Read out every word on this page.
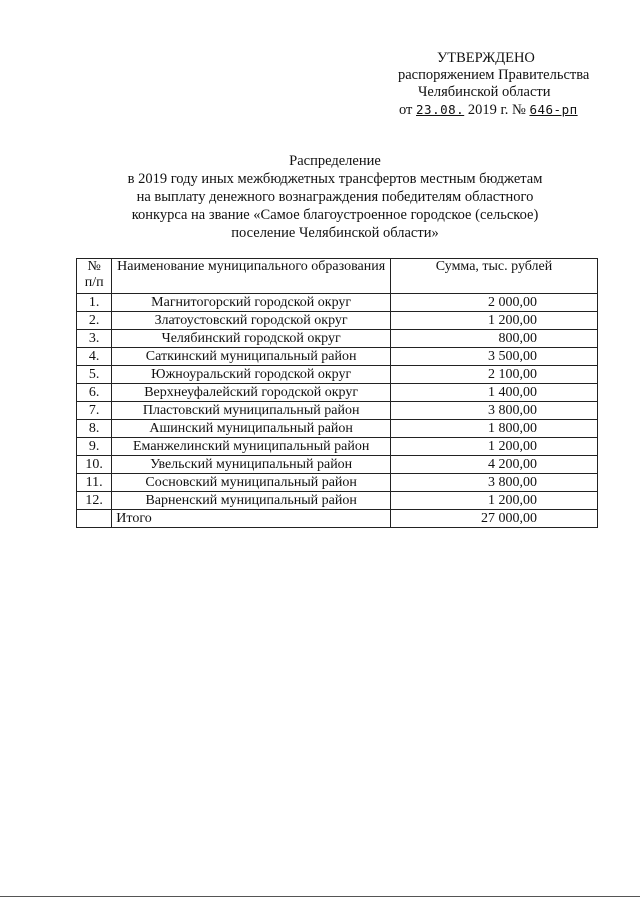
УТВЕРЖДЕНО
распоряжением Правительства
Челябинской области
от 23.08. 2019 г. № 646-рп
Распределение
в 2019 году иных межбюджетных трансфертов местным бюджетам
на выплату денежного вознаграждения победителям областного
конкурса на звание «Самое благоустроенное городское (сельское)
поселение Челябинской области»
№
п/п	Наименование муниципального образования	Сумма, тыс. рублей
1.	Магнитогорский городской округ	2 000,00
2.	Златоустовский городской округ	1 200,00
3.	Челябинский городской округ	800,00
4.	Саткинский муниципальный район	3 500,00
5.	Южноуральский городской округ	2 100,00
6.	Верхнеуфалейский городской округ	1 400,00
7.	Пластовский муниципальный район	3 800,00
8.	Ашинский муниципальный район	1 800,00
9.	Еманжелинский муниципальный район	1 200,00
10.	Увельский муниципальный район	4 200,00
11.	Сосновский муниципальный район	3 800,00
12.	Варненский муниципальный район	1 200,00
	Итого	27 000,00
